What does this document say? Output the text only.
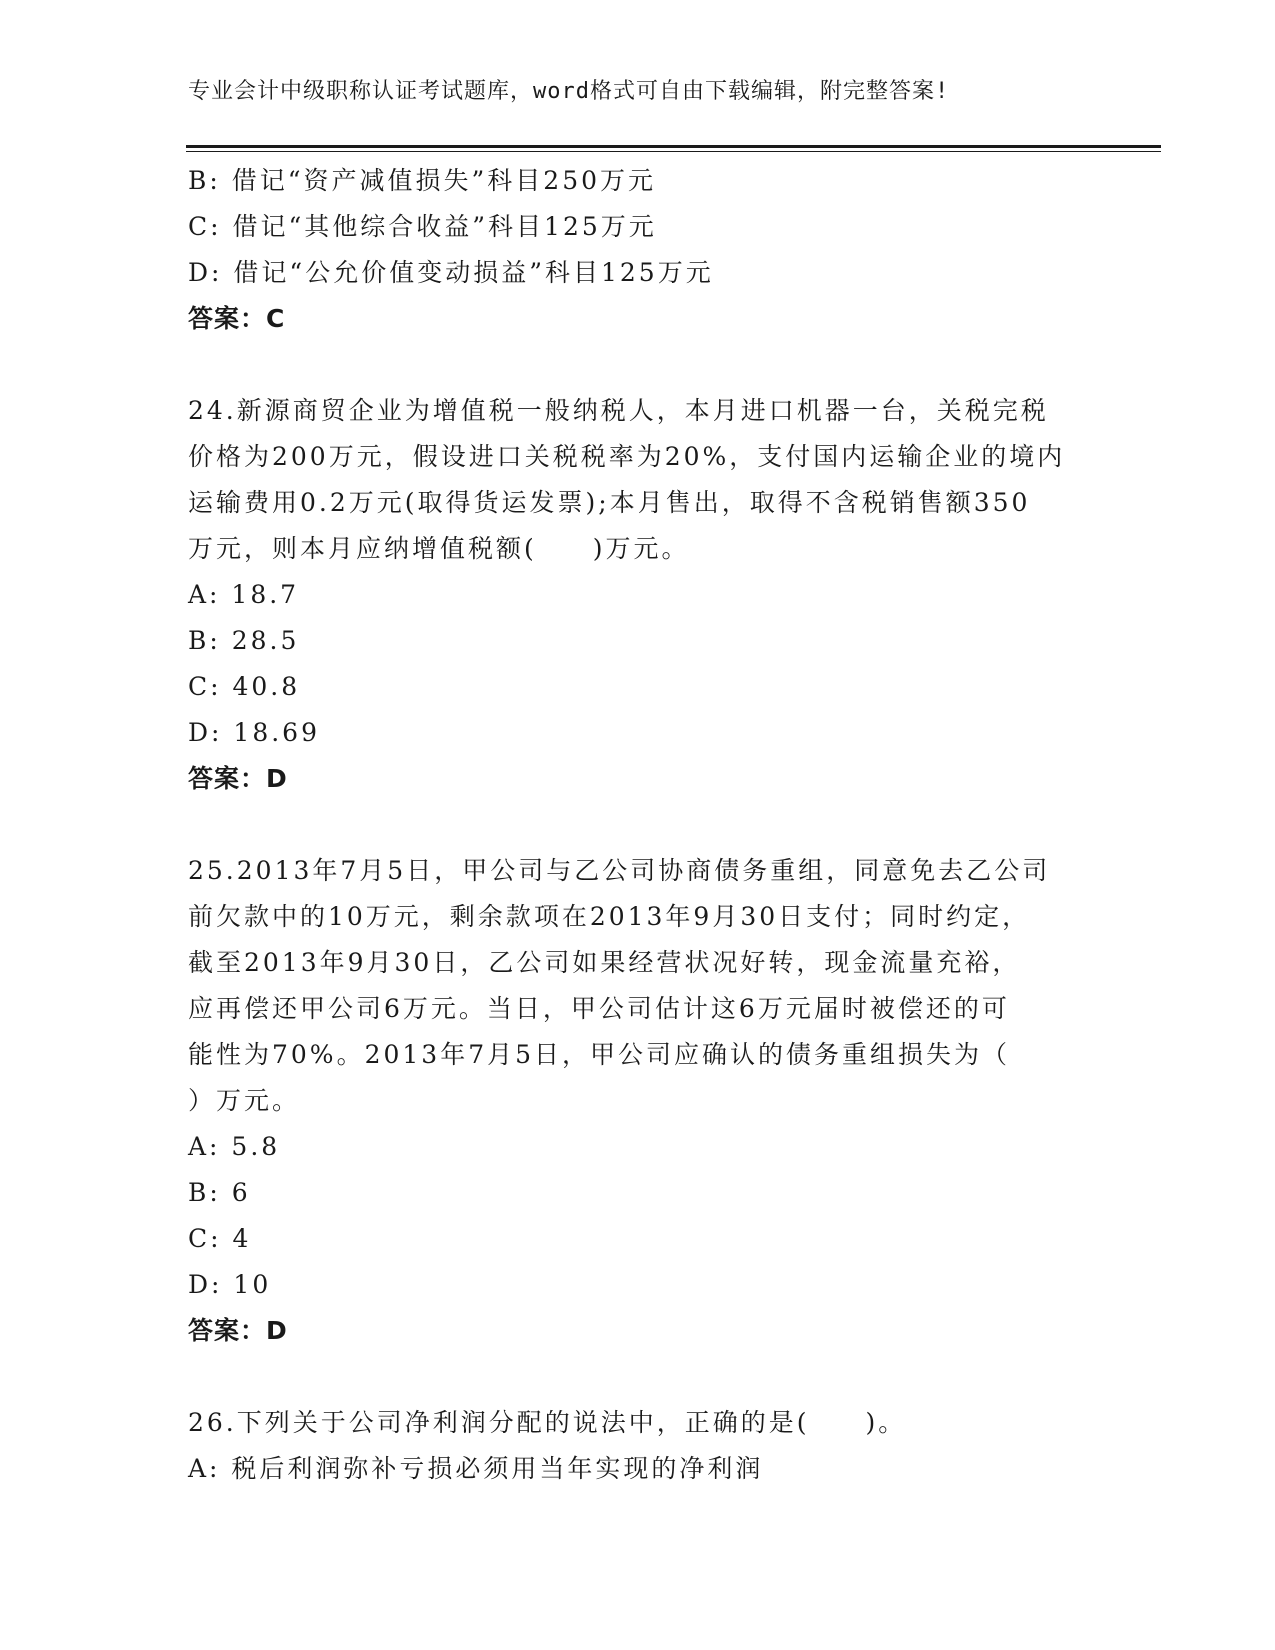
专业会计中级职称认证考试题库，word格式可自由下载编辑，附完整答案!
B: 借记“资产减值损失”科目250万元
C: 借记“其他综合收益”科目125万元
D: 借记“公允价值变动损益”科目125万元
答案：C
24.新源商贸企业为增值税一般纳税人，本月进口机器一台，关税完税
价格为200万元，假设进口关税税率为20%，支付国内运输企业的境内
运输费用0.2万元(取得货运发票);本月售出，取得不含税销售额350
万元，则本月应纳增值税额(　　)万元。
A: 18.7
B: 28.5
C: 40.8
D: 18.69
答案：D
25.2013年7月5日，甲公司与乙公司协商债务重组，同意免去乙公司
前欠款中的10万元，剩余款项在2013年9月30日支付；同时约定，
截至2013年9月30日，乙公司如果经营状况好转，现金流量充裕，
应再偿还甲公司6万元。当日，甲公司估计这6万元届时被偿还的可
能性为70%。2013年7月5日，甲公司应确认的债务重组损失为（
）万元。
A: 5.8
B: 6
C: 4
D: 10
答案：D
26.下列关于公司净利润分配的说法中，正确的是(　　)。
A: 税后利润弥补亏损必须用当年实现的净利润
